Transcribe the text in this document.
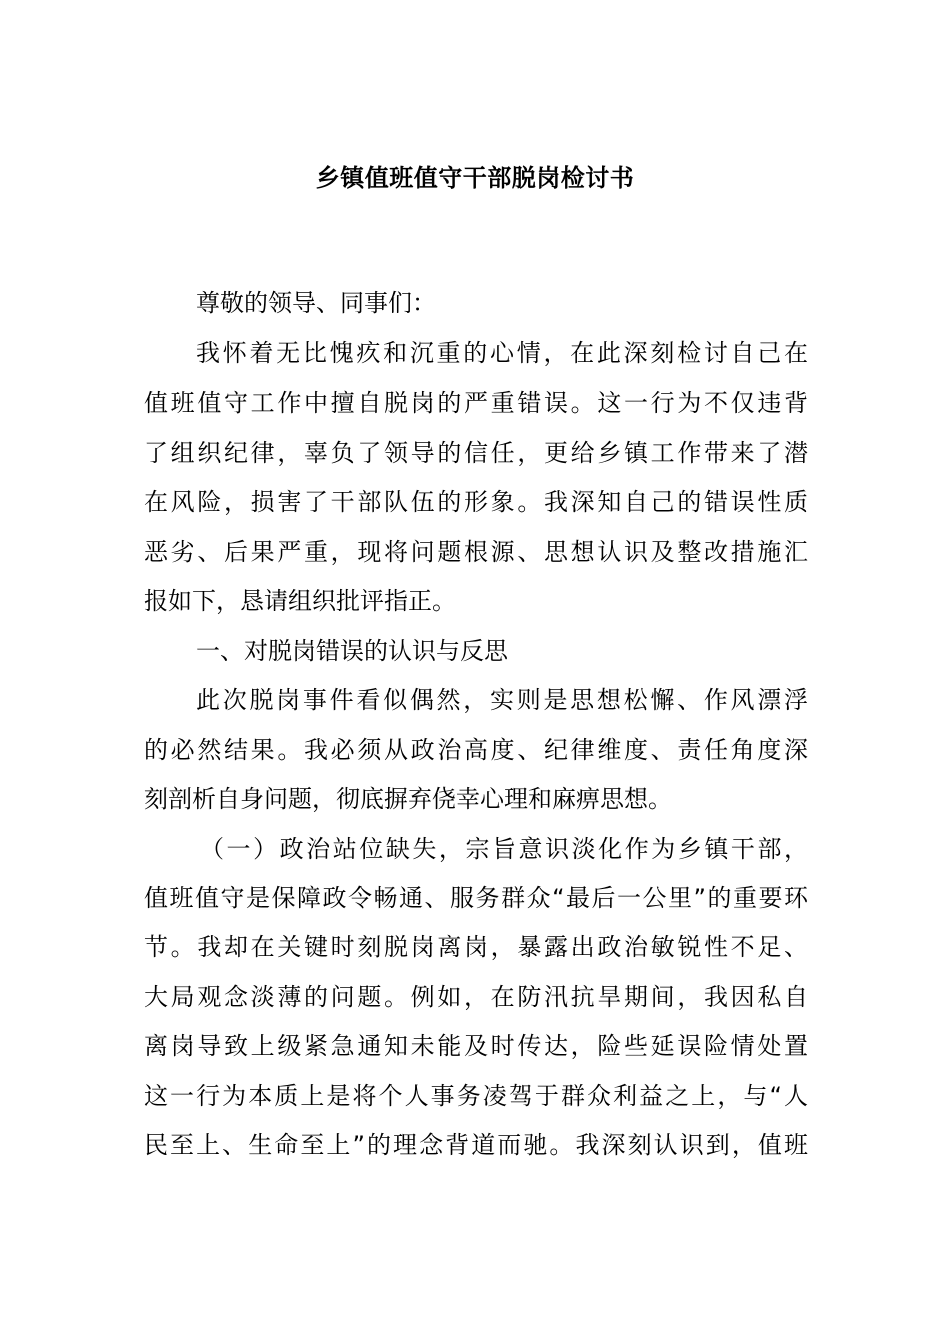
乡镇值班值守干部脱岗检讨书
尊敬的领导、同事们：
我怀着无比愧疚和沉重的心情，在此深刻检讨自己在
值班值守工作中擅自脱岗的严重错误。这一行为不仅违背
了组织纪律，辜负了领导的信任，更给乡镇工作带来了潜
在风险，损害了干部队伍的形象。我深知自己的错误性质
恶劣、后果严重，现将问题根源、思想认识及整改措施汇
报如下，恳请组织批评指正。
一、对脱岗错误的认识与反思
此次脱岗事件看似偶然，实则是思想松懈、作风漂浮
的必然结果。我必须从政治高度、纪律维度、责任角度深
刻剖析自身问题，彻底摒弃侥幸心理和麻痹思想。
（一）政治站位缺失，宗旨意识淡化作为乡镇干部，
值班值守是保障政令畅通、服务群众“最后一公里”的重要环
节。我却在关键时刻脱岗离岗，暴露出政治敏锐性不足、
大局观念淡薄的问题。例如，在防汛抗旱期间，我因私自
离岗导致上级紧急通知未能及时传达，险些延误险情处置
这一行为本质上是将个人事务凌驾于群众利益之上，与“人
民至上、生命至上”的理念背道而驰。我深刻认识到，值班
